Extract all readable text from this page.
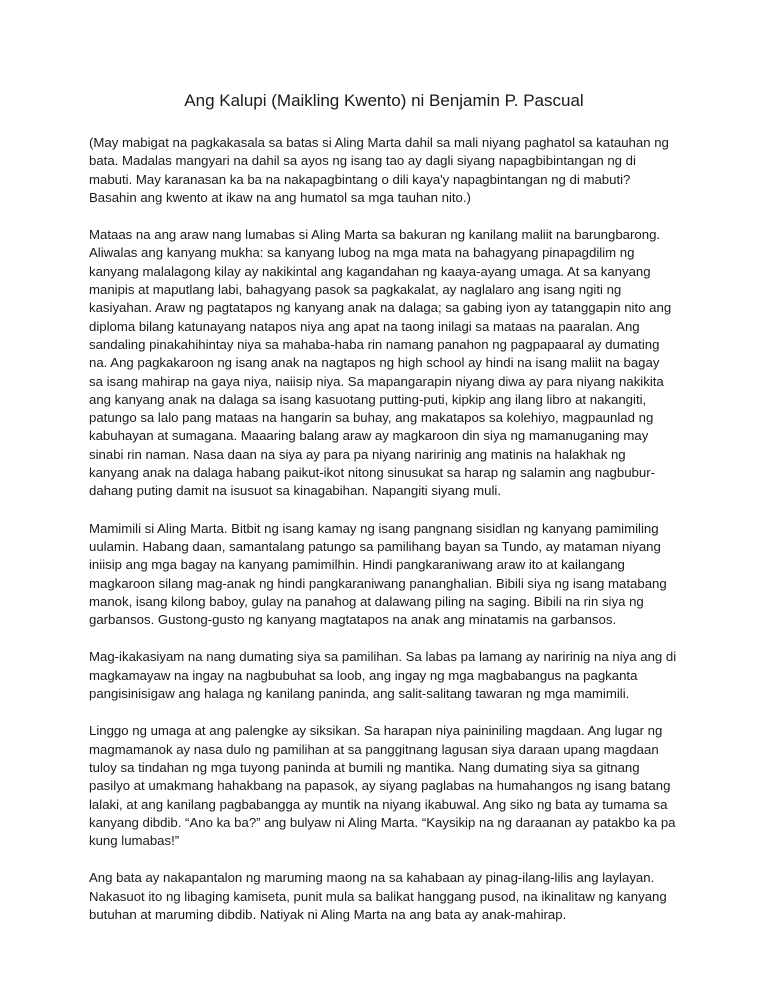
Ang Kalupi (Maikling Kwento) ni Benjamin P. Pascual

(May mabigat na pagkakasala sa batas si Aling Marta dahil sa mali niyang paghatol sa katauhan ng
bata. Madalas mangyari na dahil sa ayos ng isang tao ay dagli siyang napagbibintangan ng di
mabuti. May karanasan ka ba na nakapagbintang o dili kaya'y napagbintangan ng di mabuti?
Basahin ang kwento at ikaw na ang humatol sa mga tauhan nito.)

Mataas na ang araw nang lumabas si Aling Marta sa bakuran ng kanilang maliit na barungbarong.
Aliwalas ang kanyang mukha: sa kanyang lubog na mga mata na bahagyang pinapagdilim ng
kanyang malalagong kilay ay nakikintal ang kagandahan ng kaaya-ayang umaga. At sa kanyang
manipis at maputlang labi, bahagyang pasok sa pagkakalat, ay naglalaro ang isang ngiti ng
kasiyahan. Araw ng pagtatapos ng kanyang anak na dalaga; sa gabing iyon ay tatanggapin nito ang
diploma bilang katunayang natapos niya ang apat na taong inilagi sa mataas na paaralan. Ang
sandaling pinakahihintay niya sa mahaba-haba rin namang panahon ng pagpapaaral ay dumating
na. Ang pagkakaroon ng isang anak na nagtapos ng high school ay hindi na isang maliit na bagay
sa isang mahirap na gaya niya, naiisip niya. Sa mapangarapin niyang diwa ay para niyang nakikita
ang kanyang anak na dalaga sa isang kasuotang putting-puti, kipkip ang ilang libro at nakangiti,
patungo sa lalo pang mataas na hangarin sa buhay, ang makatapos sa kolehiyo, magpaunlad ng
kabuhayan at sumagana. Maaaring balang araw ay magkaroon din siya ng mamanuganing may
sinabi rin naman. Nasa daan na siya ay para pa niyang naririnig ang matinis na halakhak ng
kanyang anak na dalaga habang paikut-ikot nitong sinusukat sa harap ng salamin ang nagbubur-
dahang puting damit na isusuot sa kinagabihan. Napangiti siyang muli.

Mamimili si Aling Marta. Bitbit ng isang kamay ng isang pangnang sisidlan ng kanyang pamimiling
uulamin. Habang daan, samantalang patungo sa pamilihang bayan sa Tundo, ay mataman niyang
iniisip ang mga bagay na kanyang pamimilhin. Hindi pangkaraniwang araw ito at kailangang
magkaroon silang mag-anak ng hindi pangkaraniwang pananghalian. Bibili siya ng isang matabang
manok, isang kilong baboy, gulay na panahog at dalawang piling na saging. Bibili na rin siya ng
garbansos. Gustong-gusto ng kanyang magtatapos na anak ang minatamis na garbansos.

Mag-ikakasiyam na nang dumating siya sa pamilihan. Sa labas pa lamang ay naririnig na niya ang di
magkamayaw na ingay na nagbubuhat sa loob, ang ingay ng mga magbabangus na pagkanta
pangisinisigaw ang halaga ng kanilang paninda, ang salit-salitang tawaran ng mga mamimili.

Linggo ng umaga at ang palengke ay siksikan. Sa harapan niya paininiling magdaan. Ang lugar ng
magmamanok ay nasa dulo ng pamilihan at sa panggitnang lagusan siya daraan upang magdaan
tuloy sa tindahan ng mga tuyong paninda at bumili ng mantika. Nang dumating siya sa gitnang
pasilyo at umakmang hahakbang na papasok, ay siyang paglabas na humahangos ng isang batang
lalaki, at ang kanilang pagbabangga ay muntik na niyang ikabuwal. Ang siko ng bata ay tumama sa
kanyang dibdib. “Ano ka ba?” ang bulyaw ni Aling Marta. “Kaysikip na ng daraanan ay patakbo ka pa
kung lumabas!”

Ang bata ay nakapantalon ng maruming maong na sa kahabaan ay pinag-ilang-lilis ang laylayan.
Nakasuot ito ng libaging kamiseta, punit mula sa balikat hanggang pusod, na ikinalitaw ng kanyang
butuhan at maruming dibdib. Natiyak ni Aling Marta na ang bata ay anak-mahirap.
